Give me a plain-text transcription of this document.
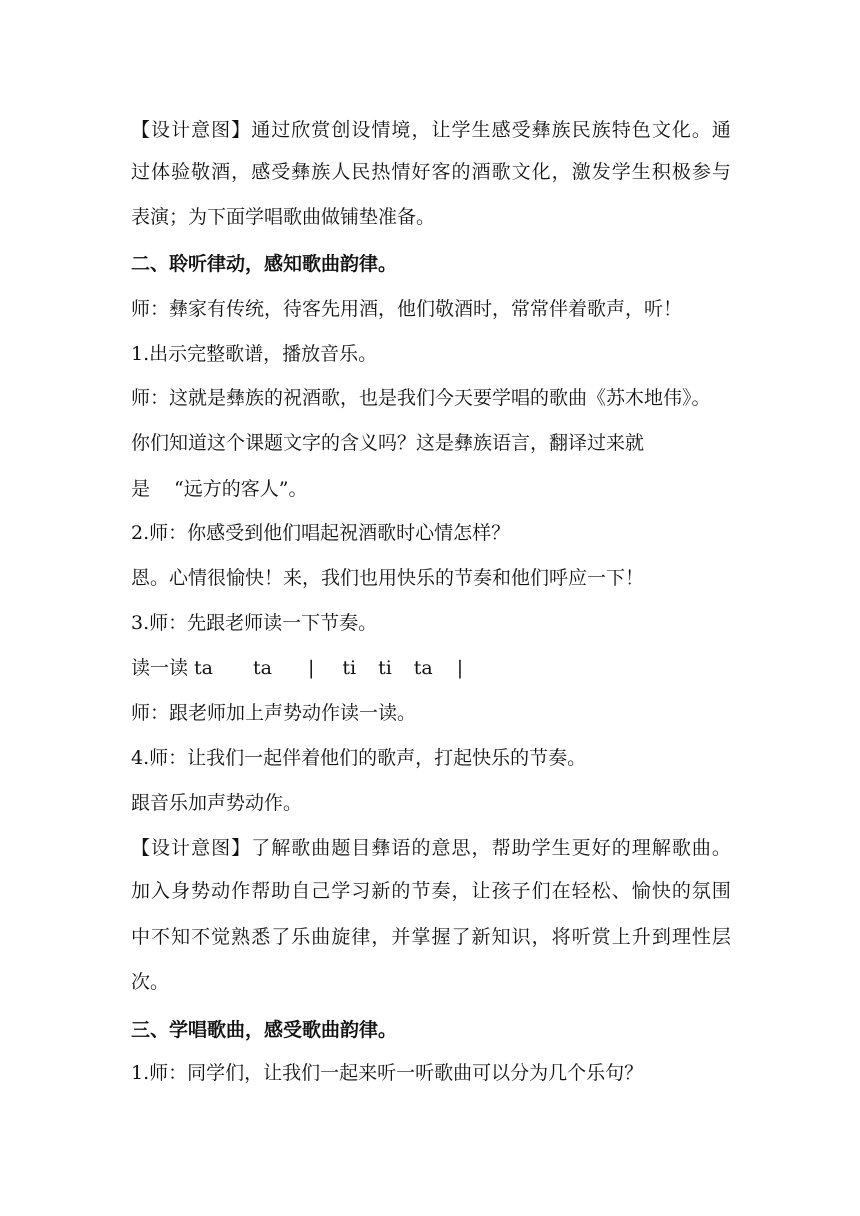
【 设 计 意 图 】 通 过 欣 赏 创 设 情 境 ， 让 学 生 感 受 彝 族 民 族 特 色 文 化 。 通
过 体 验 敬 酒 ， 感 受 彝 族 人 民 热 情 好 客 的 酒 歌 文 化 ， 激 发 学 生 积 极 参 与
表演；为下面学唱歌曲做铺垫准备。
二、聆听律动，感知歌曲韵律。
师：彝家有传统，待客先用酒，他们敬酒时，常常伴着歌声，听！
1.出示完整歌谱，播放音乐。
师：这就是彝族的祝酒歌，也是我们今天要学唱的歌曲《苏木地伟》。
你们知道这个课题文字的含义吗？这是彝族语言，翻译过来就
是 “远方的客人”。
2.师：你感受到他们唱起祝酒歌时心情怎样？
恩。心情很愉快！来，我们也用快乐的节奏和他们呼应一下！
3.师：先跟老师读一下节奏。
读一读 ta ta | ti ti ta |
师：跟老师加上声势动作读一读。
4.师：让我们一起伴着他们的歌声，打起快乐的节奏。
跟音乐加声势动作。
【 设 计 意 图 】 了 解 歌 曲 题 目 彝 语 的 意 思 ， 帮 助 学 生 更 好 的 理 解 歌 曲 。
加 入 身 势 动 作 帮 助 自 己 学 习 新 的 节 奏 ， 让 孩 子 们 在 轻 松 、 愉 快 的 氛 围
中 不 知 不 觉 熟 悉 了 乐 曲 旋 律 ， 并 掌 握 了 新 知 识 ， 将 听 赏 上 升 到 理 性 层
次。
三、学唱歌曲，感受歌曲韵律。
1.师：同学们，让我们一起来听一听歌曲可以分为几个乐句？
